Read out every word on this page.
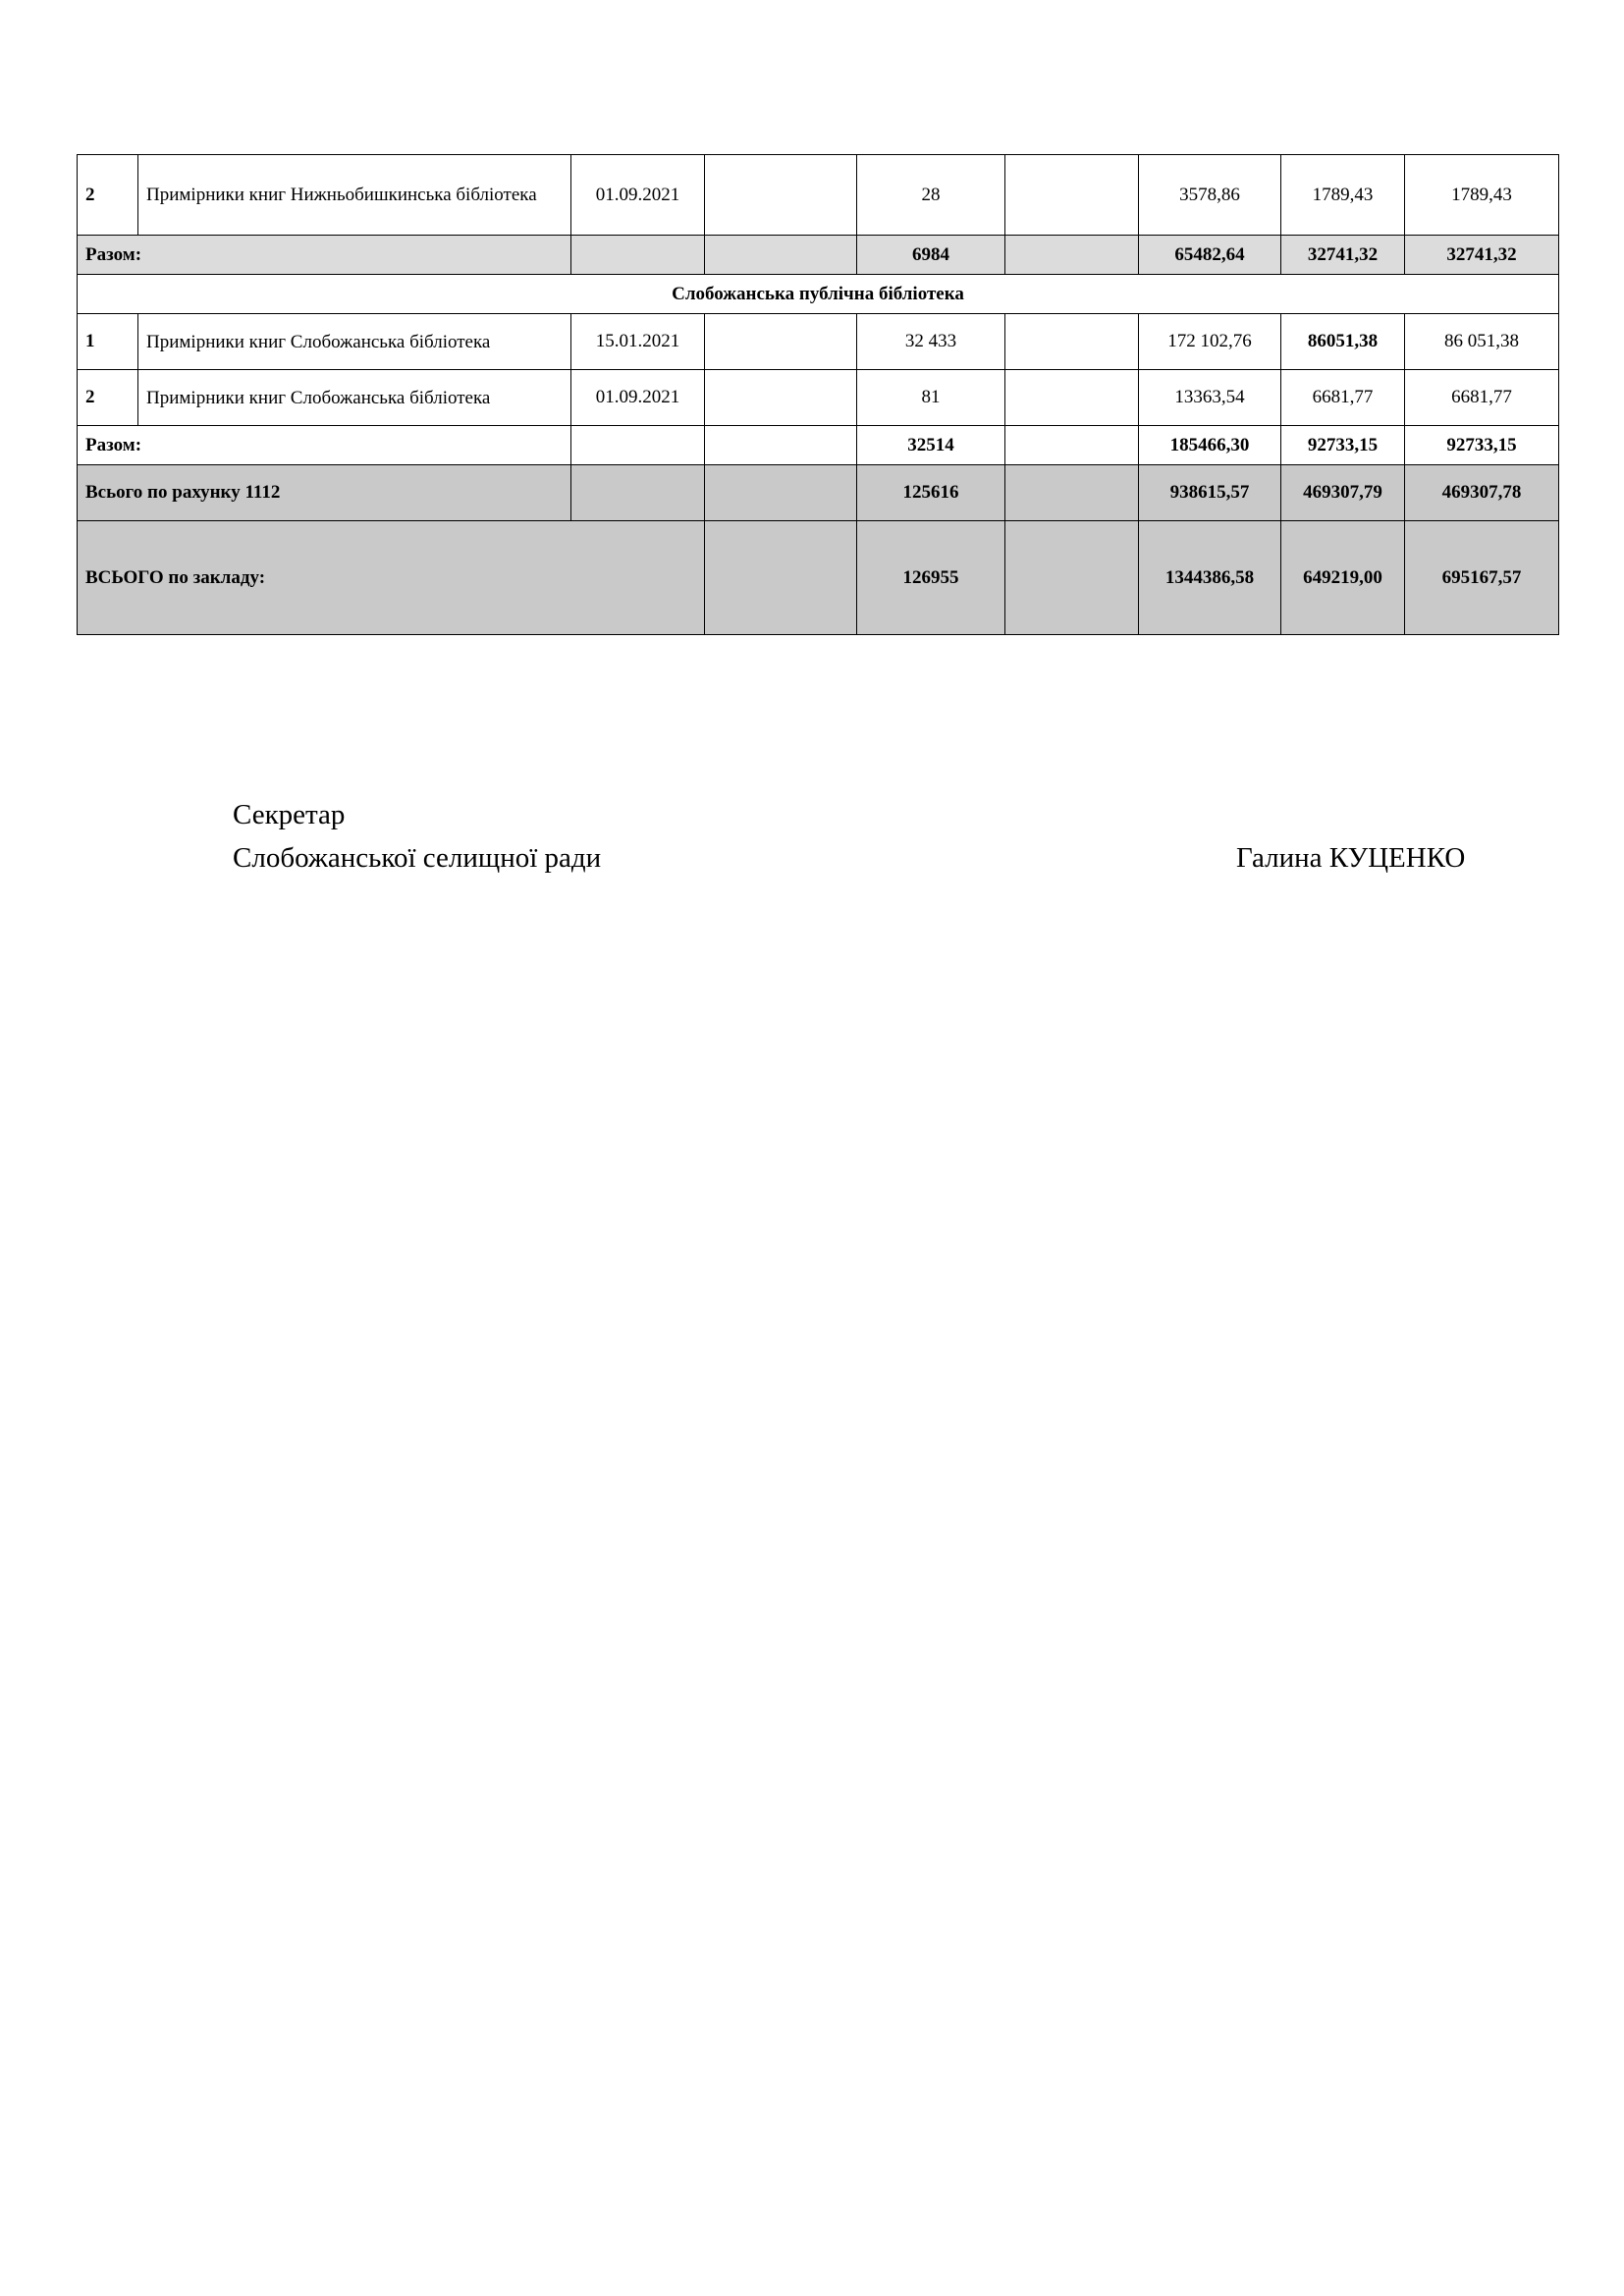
2	Примірники книг Нижньобишкинська бібліотека	01.09.2021		28		3578,86	1789,43	1789,43
Разом:				6984		65482,64	32741,32	32741,32
Слобожанська публічна бібліотека								
1	Примірники книг Слобожанська бібліотека	15.01.2021		32 433		172 102,76	86051,38	86 051,38
2	Примірники книг Слобожанська бібліотека	01.09.2021		81		13363,54	6681,77	6681,77
Разом:				32514		185466,30	92733,15	92733,15
Всього по рахунку 1112				125616		938615,57	469307,79	469307,78
ВСЬОГО по закладу:				126955		1344386,58	649219,00	695167,57
Секретар
Слобожанської селищної ради	Галина КУЦЕНКО
